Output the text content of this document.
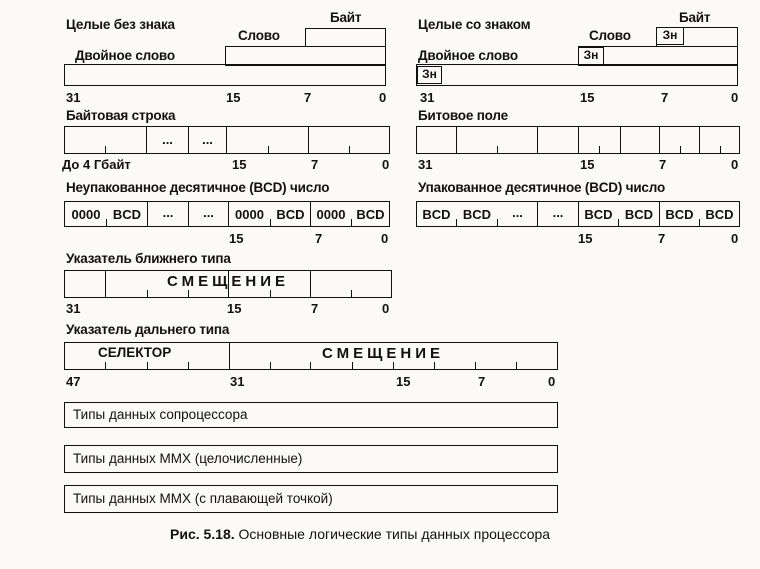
Целые без знака	Байт
Слово
Двойное слово
31	15	7	0
Целые со знаком	Байт
Слово
Двойное слово
Зн
Зн
Зн
31	15	7	0
Байтовая строка
...	...
До 4 Гбайт	15	7	0
Битовое поле
31	15	7	0
Неупакованное десятичное (BCD) число
0000 BCD	...	...	0000 BCD 0000 BCD
15	7	0
Упакованное десятичное (BCD) число
BCD BCD	...	...	BCD BCD BCD BCD
15	7	0
Указатель ближнего типа
СМЕЩЕНИЕ
31	15	7	0
Указатель дальнего типа
СЕЛЕКТОР	СМЕЩЕНИЕ
47	31	15	7	0
Типы данных сопроцессора
Типы данных MMX (целочисленные)
Типы данных MMX (с плавающей точкой)
Рис. 5.18. Основные логические типы данных процессора
